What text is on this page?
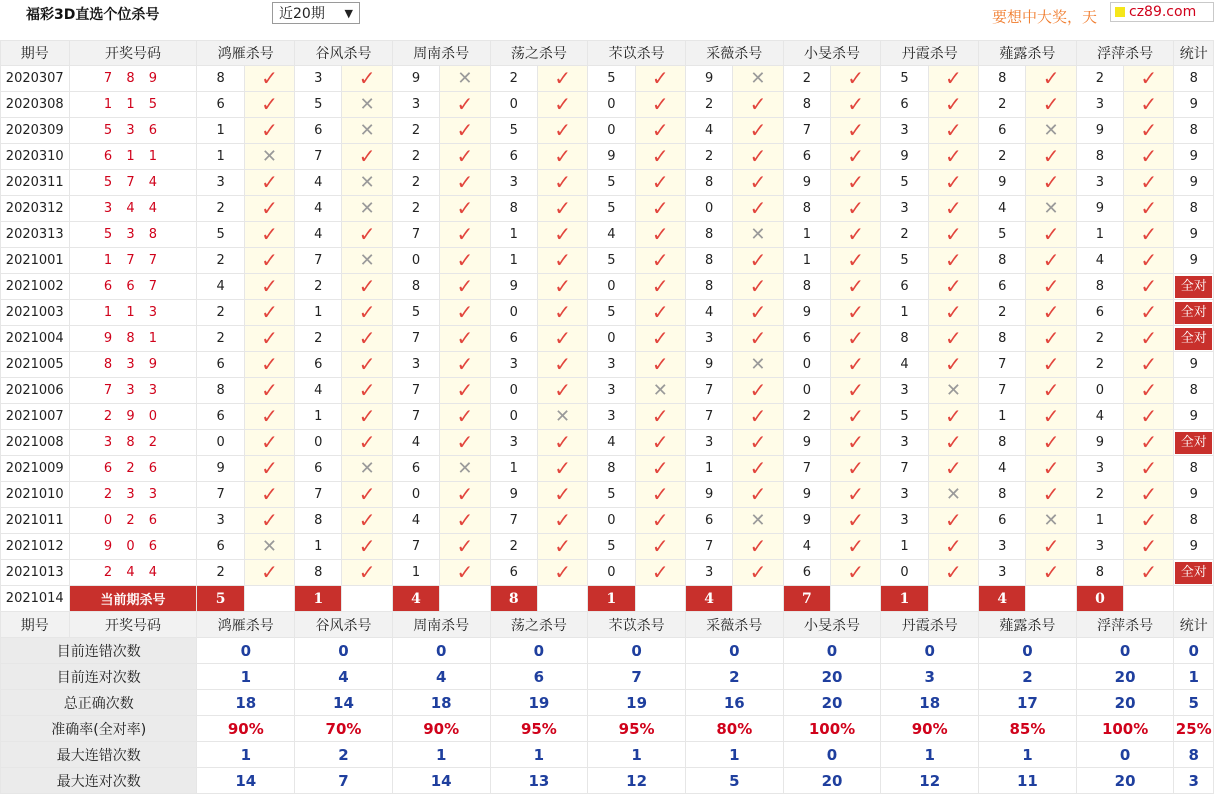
福彩3D直选个位杀号	近20期 ▼	要想中大奖，天	cz89.com
期号	开奖号码	鸿雁杀号		谷风杀号		周南杀号		荡之杀号		芣苡杀号		采薇杀号		小旻杀号		丹霞杀号		薤露杀号		浮萍杀号		统计
2020307	7 8 9	8	✓	3	✓	9	✕	2	✓	5	✓	9	✕	2	✓	5	✓	8	✓	2	✓	8
2020308	1 1 5	6	✓	5	✕	3	✓	0	✓	0	✓	2	✓	8	✓	6	✓	2	✓	3	✓	9
2020309	5 3 6	1	✓	6	✕	2	✓	5	✓	0	✓	4	✓	7	✓	3	✓	6	✕	9	✓	8
2020310	6 1 1	1	✕	7	✓	2	✓	6	✓	9	✓	2	✓	6	✓	9	✓	2	✓	8	✓	9
2020311	5 7 4	3	✓	4	✕	2	✓	3	✓	5	✓	8	✓	9	✓	5	✓	9	✓	3	✓	9
2020312	3 4 4	2	✓	4	✕	2	✓	8	✓	5	✓	0	✓	8	✓	3	✓	4	✕	9	✓	8
2020313	5 3 8	5	✓	4	✓	7	✓	1	✓	4	✓	8	✕	1	✓	2	✓	5	✓	1	✓	9
2021001	1 7 7	2	✓	7	✕	0	✓	1	✓	5	✓	8	✓	1	✓	5	✓	8	✓	4	✓	9
2021002	6 6 7	4	✓	2	✓	8	✓	9	✓	0	✓	8	✓	8	✓	6	✓	6	✓	8	✓	全对

2021003	1 1 3	2	✓	1	✓	5	✓	0	✓	5	✓	4	✓	9	✓	1	✓	2	✓	6	✓	全对

2021004	9 8 1	2	✓	2	✓	7	✓	6	✓	0	✓	3	✓	6	✓	8	✓	8	✓	2	✓	全对

2021005	8 3 9	6	✓	6	✓	3	✓	3	✓	3	✓	9	✕	0	✓	4	✓	7	✓	2	✓	9
2021006	7 3 3	8	✓	4	✓	7	✓	0	✓	3	✕	7	✓	0	✓	3	✕	7	✓	0	✓	8
2021007	2 9 0	6	✓	1	✓	7	✓	0	✕	3	✓	7	✓	2	✓	5	✓	1	✓	4	✓	9
2021008	3 8 2	0	✓	0	✓	4	✓	3	✓	4	✓	3	✓	9	✓	3	✓	8	✓	9	✓	全对

2021009	6 2 6	9	✓	6	✕	6	✕	1	✓	8	✓	1	✓	7	✓	7	✓	4	✓	3	✓	8
2021010	2 3 3	7	✓	7	✓	0	✓	9	✓	5	✓	9	✓	9	✓	3	✕	8	✓	2	✓	9
2021011	0 2 6	3	✓	8	✓	4	✓	7	✓	0	✓	6	✕	9	✓	3	✓	6	✕	1	✓	8
2021012	9 0 6	6	✕	1	✓	7	✓	2	✓	5	✓	7	✓	4	✓	1	✓	3	✓	3	✓	9
2021013	2 4 4	2	✓	8	✓	1	✓	6	✓	0	✓	3	✓	6	✓	0	✓	3	✓	8	✓	全对

2021014	当前期杀号	5		1		4		8		1		4		7		1		4		0		
期号	开奖号码	鸿雁杀号		谷风杀号		周南杀号		荡之杀号		芣苡杀号		采薇杀号		小旻杀号		丹霞杀号		薤露杀号		浮萍杀号		统计
目前连错次数		0		0		0		0		0		0		0		0		0		0		0
目前连对次数		1		4		4		6		7		2		20		3		2		20		1
总正确次数		18		14		18		19		19		16		20		18		17		20		5
准确率(全对率)		90%		70%		90%		95%		95%		80%		100%		90%		85%		100%		25%
最大连错次数		1		2		1		1		1		1		0		1		1		0		8
最大连对次数		14		7		14		13		12		5		20		12		11		20		3
